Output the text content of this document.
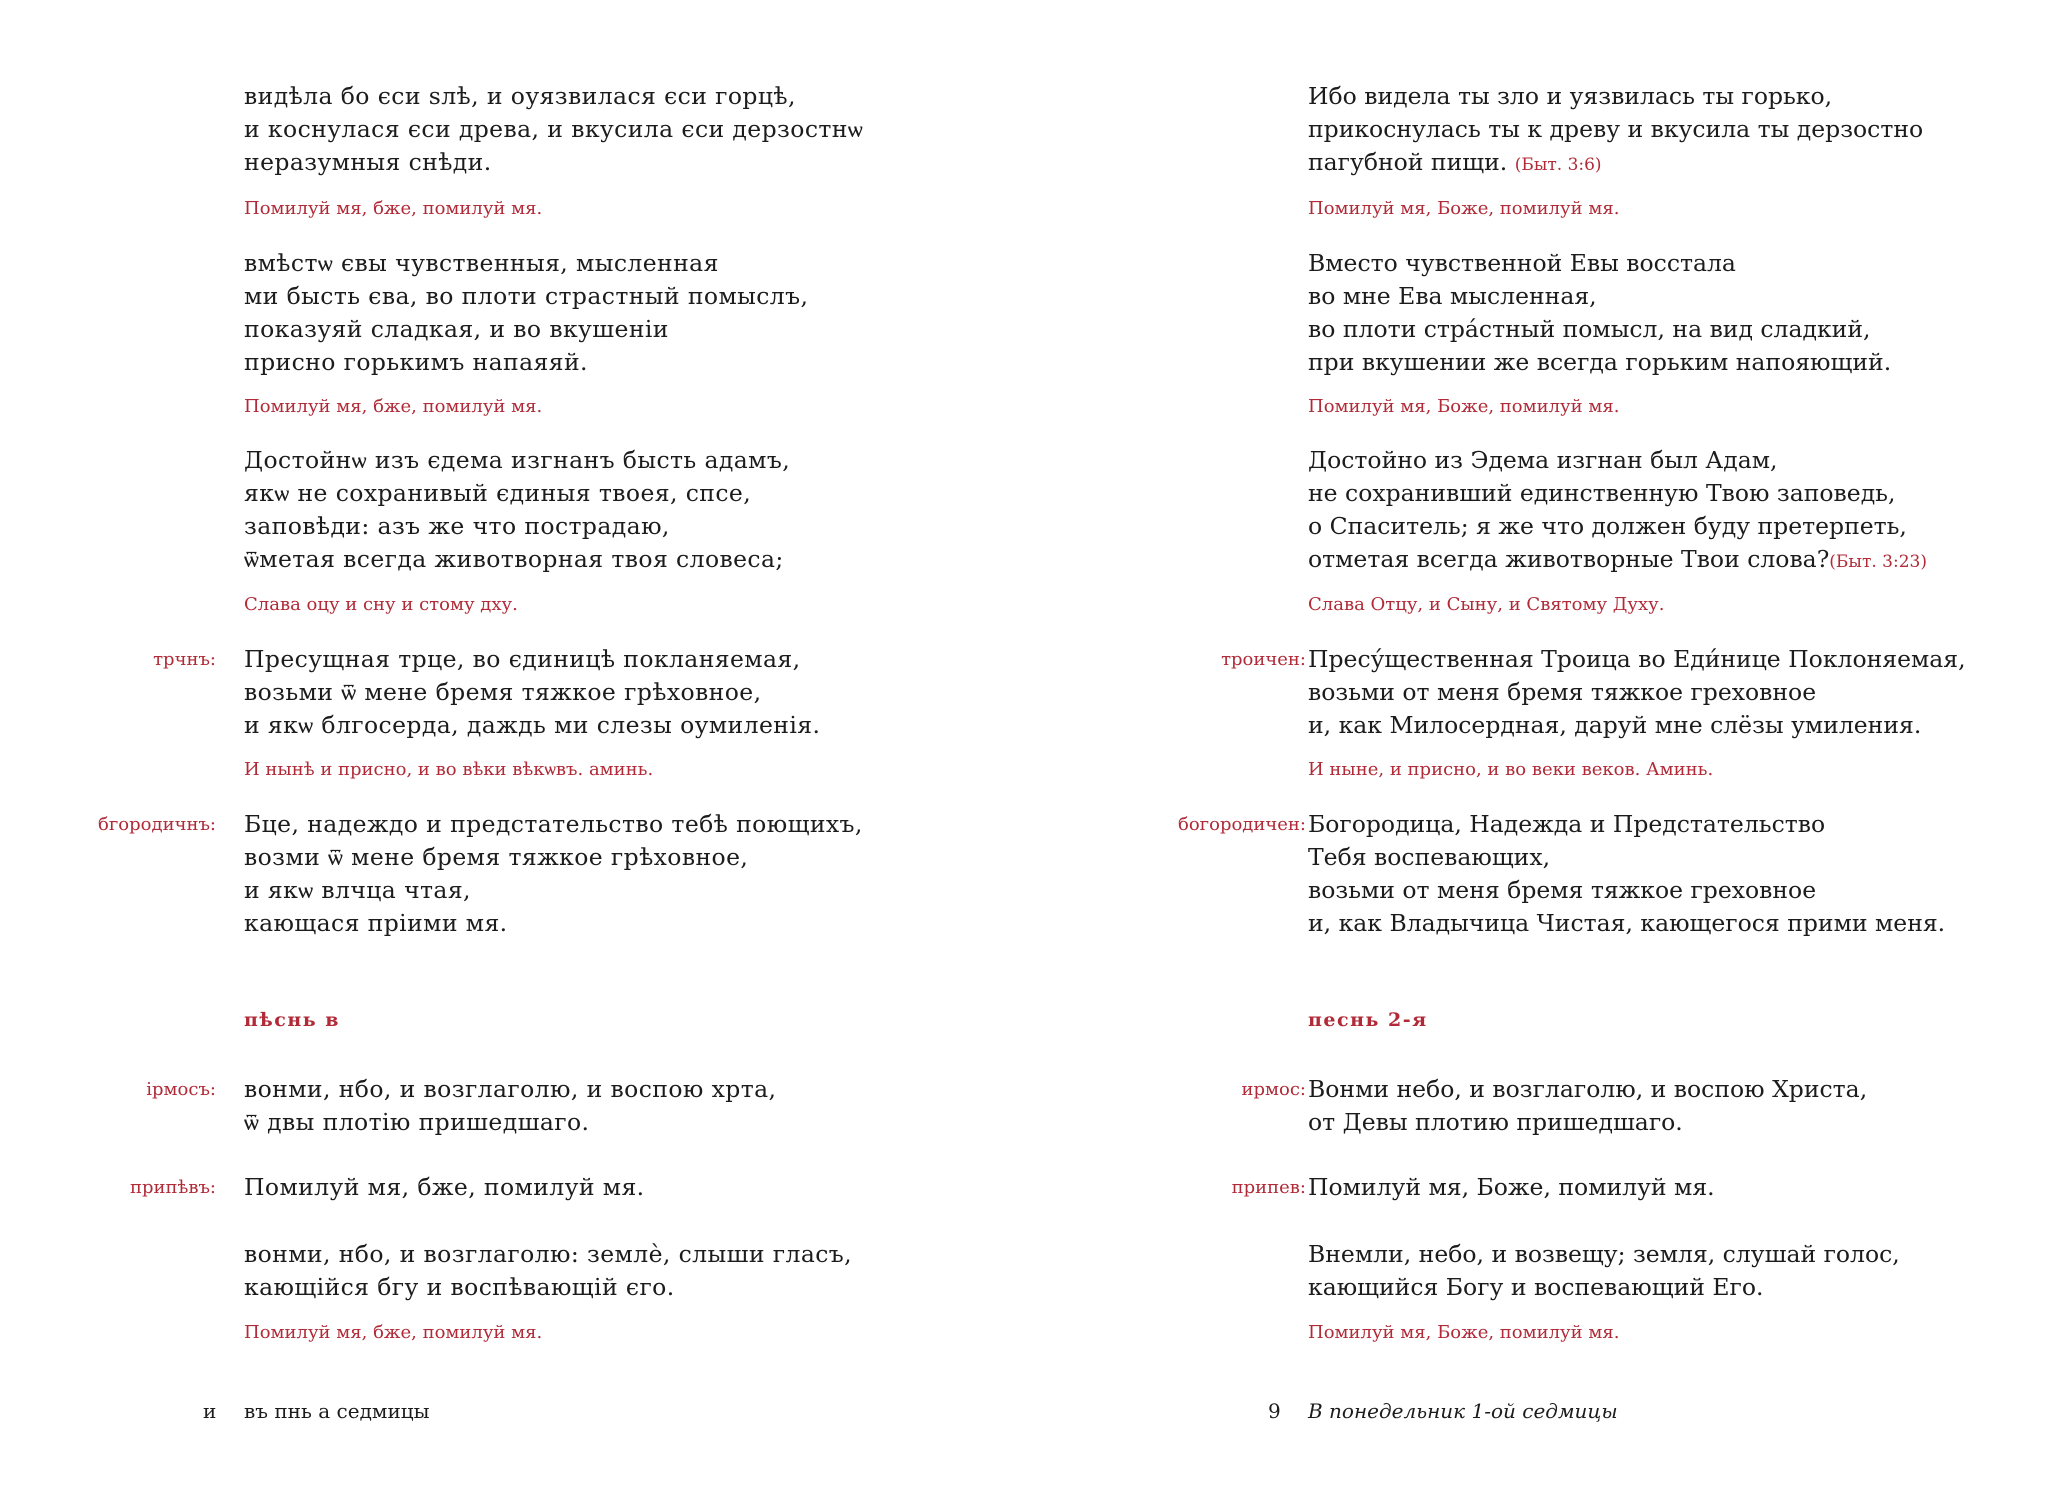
видѣла бо єси ѕлѣ, и оуязвилася єси горцѣ,
и коснулася єси древа, и вкусила єси дерзостнѡ
неразумныя снѣди.
Помилуй мя, бже, помилуй мя.
вмѣстѡ євы чувственныя, мысленная
ми бысть єва, во плоти страстный помыслъ,
показуяй сладкая, и во вкушеніи
присно горькимъ напаяяй.
Помилуй мя, бже, помилуй мя.
Достойнѡ изъ єдема изгнанъ бысть адамъ,
якѡ не сохранивый єдиныя твоея, спсе,
заповѣди: азъ же что пострадаю,
ѿметая всегда животворная твоя словеса;
Слава оцу и сну и стому дху.
трчнъ: Пресущная трце, во єдиницѣ покланяемая,
возьми ѿ мене бремя тяжкое грѣховное,
и якѡ блгосерда, даждь ми слезы оумиленія.
И нынѣ и присно, и во вѣки вѣкѡвъ. аминь.
бгородичнъ: Бце, надеждо и предстательство тебѣ поющихъ,
возми ѿ мене бремя тяжкое грѣховное,
и якѡ влчца чтая,
кающася пріими мя.
пѣснь в
ірмосъ: вонми, нбо, и возглаголю, и воспою хрта,
ѿ двы плотію пришедшаго.
припѣвъ: Помилуй мя, бже, помилуй мя.
вонми, нбо, и возглаголю: землѐ, слыши гласъ,
кающійся бгу и воспѣвающій єго.
Помилуй мя, бже, помилуй мя.
и въ пнь а седмицы
Ибо видела ты зло и уязвилась ты горько,
прикоснулась ты к древу и вкусила ты дерзостно
пагубной пищи. (Быт. 3:6)
Помилуй мя, Боже, помилуй мя.
Вместо чувственной Евы восстала
во мне Ева мысленная,
во плоти стра́стный помысл, на вид сладкий,
при вкушении же всегда горьким напояющий.
Помилуй мя, Боже, помилуй мя.
Достойно из Эдема изгнан был Адам,
не сохранивший единственную Твою заповедь,
о Спаситель; я же что должен буду претерпеть,
отметая всегда животворные Твои слова?(Быт. 3:23)
Слава Отцу, и Сыну, и Святому Духу.
троичен: Пресу́щественная Троица во Еди́нице Поклоняемая,
возьми от меня бремя тяжкое греховное
и, как Милосердная, даруй мне слёзы умиления.
И ныне, и присно, и во веки веков. Аминь.
богородичен: Богородица, Надежда и Предстательство
Тебя воспевающих,
возьми от меня бремя тяжкое греховное
и, как Владычица Чистая, кающегося прими меня.
песнь 2-я
ирмос: Вонми небо, и возглаголю, и воспою Христа,
от Девы плотию пришедшаго.
припев: Помилуй мя, Боже, помилуй мя.
Внемли, небо, и возвещу; земля, слушай голос,
кающийся Богу и воспевающий Его.
Помилуй мя, Боже, помилуй мя.
9 В понедельник 1-ой седмицы
